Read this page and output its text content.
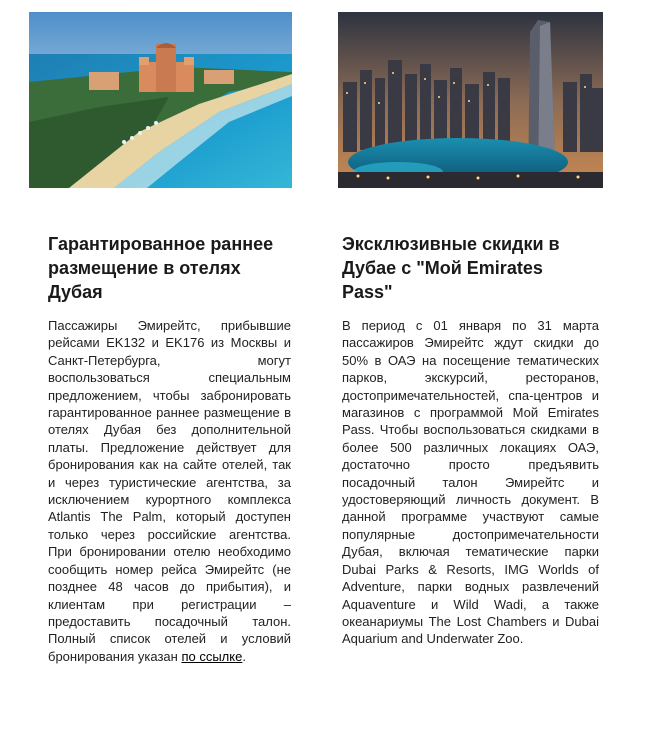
Гарантированное раннее размещение в отелях Дубая

Пассажиры Эмирейтс, прибывшие рейсами EK132 и EK176 из Москвы и Санкт-Петербурга, могут воспользоваться специальным предложением, чтобы забронировать гарантированное раннее размещение в отелях Дубая без дополнительной платы. Предложение действует для бронирования как на сайте отелей, так и через туристические агентства, за исключением курортного комплекса Atlantis The Palm, который доступен только через российские агентства. При бронировании отелю необходимо сообщить номер рейса Эмирейтс (не позднее 48 часов до прибытия), и клиентам при регистрации – предоставить посадочный талон. Полный список отелей и условий бронирования указан по ссылке.

Эксклюзивные скидки в Дубае с "Мой Emirates Pass"

В период с 01 января по 31 марта пассажиров Эмирейтс ждут скидки до 50% в ОАЭ на посещение тематических парков, экскурсий, ресторанов, достопримечательностей, спа-центров и магазинов с программой Мой Emirates Pass. Чтобы воспользоваться скидками в более 500 различных локациях ОАЭ, достаточно просто предъявить посадочный талон Эмирейтс и удостоверяющий личность документ. В данной программе участвуют самые популярные достопримечательности Дубая, включая тематические парки Dubai Parks & Resorts, IMG Worlds of Adventure, парки водных развлечений Aquaventure и Wild Wadi, а также океанариумы The Lost Chambers и Dubai Aquarium and Underwater Zoo.
